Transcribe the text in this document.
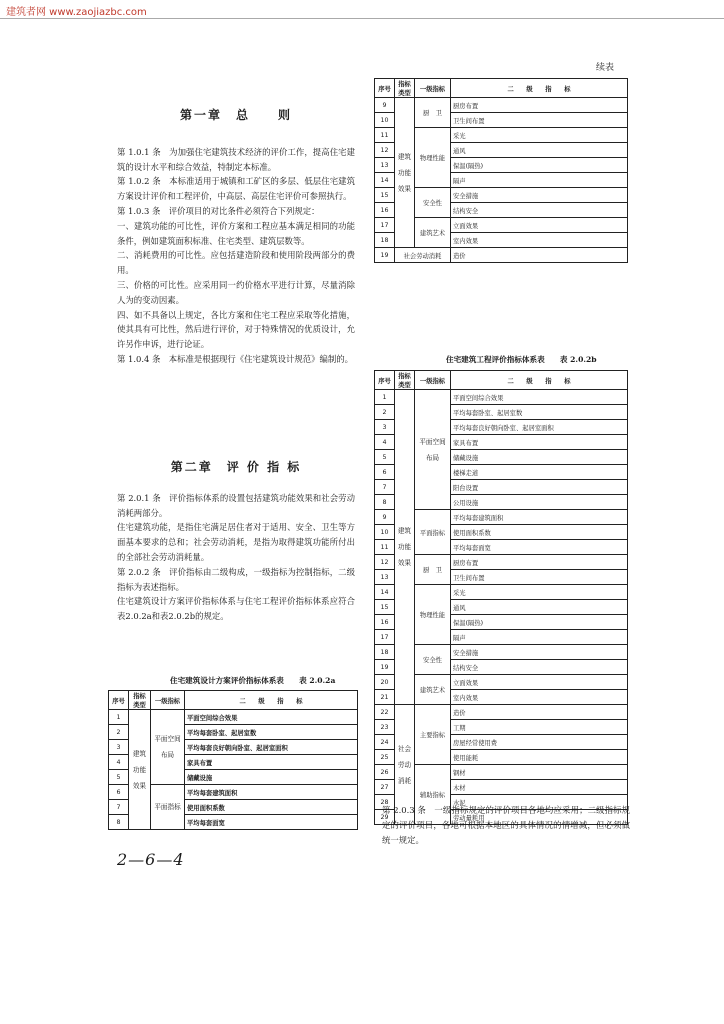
建筑者网 www.zaojiazbc.com
续表
第一章　总　　则

第 1.0.1 条　为加强住宅建筑技术经济的评价工作，提高住宅建筑的设计水平和综合效益，特制定本标准。

第 1.0.2 条　本标准适用于城镇和工矿区的多层、低层住宅建筑方案设计评价和工程评价，中高层、高层住宅评价可参照执行。

第 1.0.3 条　评价项目的对比条件必须符合下列规定：

一、建筑功能的可比性，评价方案和工程应基本满足相同的功能条件，例如建筑面积标准、住宅类型、建筑层数等。

二、消耗费用的可比性。应包括建造阶段和使用阶段两部分的费用。

三、价格的可比性。应采用同一约价格水平进行计算，尽量消除人为的变动因素。

四、如不具备以上规定，各比方案和住宅工程应采取等化措施，使其具有可比性，然后进行评价，对于特殊情况的优质设计，允许另作申诉，进行论证。

第 1.0.4 条　本标准是根据现行《住宅建筑设计规范》编制的。

第二章　评 价 指 标

第 2.0.1 条　评价指标体系的设置包括建筑功能效果和社会劳动消耗两部分。

住宅建筑功能，是指住宅满足居住者对于适用、安全、卫生等方面基本要求的总和；社会劳动消耗，是指为取得建筑功能所付出的全部社会劳动消耗量。

第 2.0.2 条　评价指标由二级构成，一级指标为控制指标，二级指标为表述指标。

住宅建筑设计方案评价指标体系与住宅工程评价指标体系应符合表2.0.2a和表2.0.2b的规定。

住宅建筑设计方案评价指标体系表　　表 2.0.2a
序号	指标类型	一级指标	二　　级　　指　　标
1	建筑功能效果	平面空间布局	平面空间综合效果
2			平均每套卧室、起居室数
3			平均每套良好朝向卧室、起居室面积
4			家具布置
5			储藏设施
6		平面指标	平均每套建筑面积
7			使用面积系数
8			平均每套面宽
2—6—4
序号	指标类型	一级指标	二　　级　　指　　标
9	建筑功能效果	厨　卫	厨房布置
10			卫生间布置
11		物理性能	采光
12			通风
13			保温(隔热)
14			隔声
15		安全性	安全措施
16			结构安全
17		建筑艺术	立面效果
18			室内效果
19	社会劳动消耗		造价
住宅建筑工程评价指标体系表　　表 2.0.2b
序号	指标类型	一级指标	二　　级　　指　　标
1	建筑功能效果	平面空间布局	平面空间综合效果
2			平均每套卧室、起居室数
3			平均每套良好朝向卧室、起居室面积
4			家具布置
5			储藏设施
6			楼梯走道
7			阳台设置
8			公用设施
9		平面指标	平均每套建筑面积
10			使用面积系数
11			平均每套面宽
12		厨　卫	厨房布置
13			卫生间布置
14		物理性能	采光
15			通风
16			保温(隔热)
17			隔声
18		安全性	安全措施
19			结构安全
20		建筑艺术	立面效果
21			室内效果
22	社会劳动消耗	主要指标	造价
23			工期
24			房屋经常使用费
25			使用能耗
26		辅助指标	钢材
27			木材
28			水泥
29			劳动量耗用

第 2.0.3 条　一级指标规定的评价项目各地均应采用；二级指标规定的评价项目，各地可根据本地区的具体情况的情增减，但必须做统一规定。
